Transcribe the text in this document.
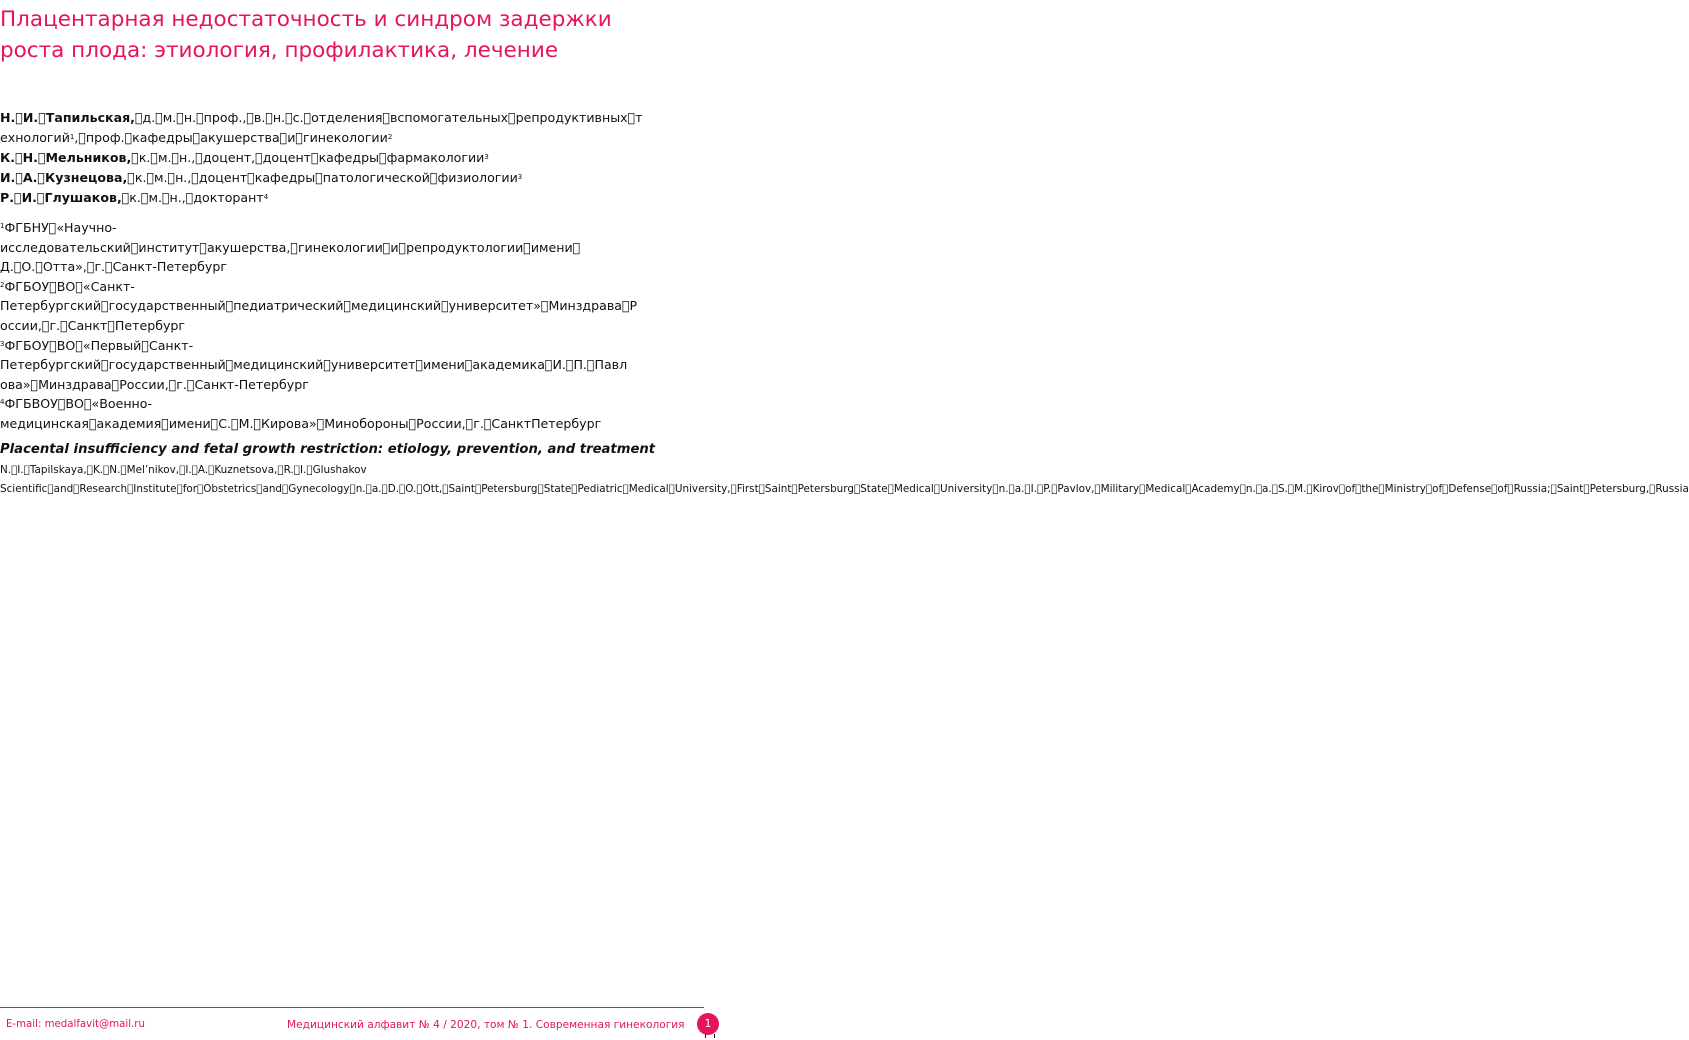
Плацентарная недостаточность и синдром задержки роста плода: этиология, профилактика, лечение

Н. И. Тапильская, д. м. н. проф., в. н. с. отделения вспомогательных репродуктивных т ехнологий$^1$, проф. кафедры акушерства и гинекологии$^2$

К. Н. Мельников, к. м. н., доцент, доцент кафедры фармакологии$^3$

И. А. Кузнецова, к. м. н., доцент кафедры патологической физиологии$^3$

Р. И. Глушаков, к. м. н., докторант$^4$

$^1$ФГБНУ «Научно-

исследовательский институт акушерства, гинекологии и репродуктологии имени 

Д. О. Отта», г. Санкт-Петербург

$^2$ФГБОУ ВО «Санкт-

Петербургский государственный педиатрический медицинский университет» Минздрава Р

оссии, г. Санкт Петербург

$^3$ФГБОУ ВО «Первый Санкт-

Петербургский государственный медицинский университет имени академика И. П. Павл

ова» Минздрава России, г. Санкт-Петербург

$^4$ФГБВОУ ВО «Военно-

медицинская академия имени С. М. Кирова» Минобороны России, г. СанктПетербург

Placental insufficiency and fetal growth restriction: etiology, prevention, and treatment
N. I. Tapilskaya, K. N. Mel’nikov, I. A. Kuznetsova, R. I. Glushakov
Scientific and Research Institute for Obstetrics and Gynecology n. a. D. O. Ott, Saint Petersburg State Pediatric Medical University, First Saint Petersburg State Medical University n. a. I. P. Pavlov, Military Medical Academy n. a. S. M. Kirov of the Ministry of Defense of Russia; Saint Petersburg, Russia
E-mail: medalfavit@mail.ru	Медицинский алфавит № 4 / 2020, том № 1. Современная гинекология	1
